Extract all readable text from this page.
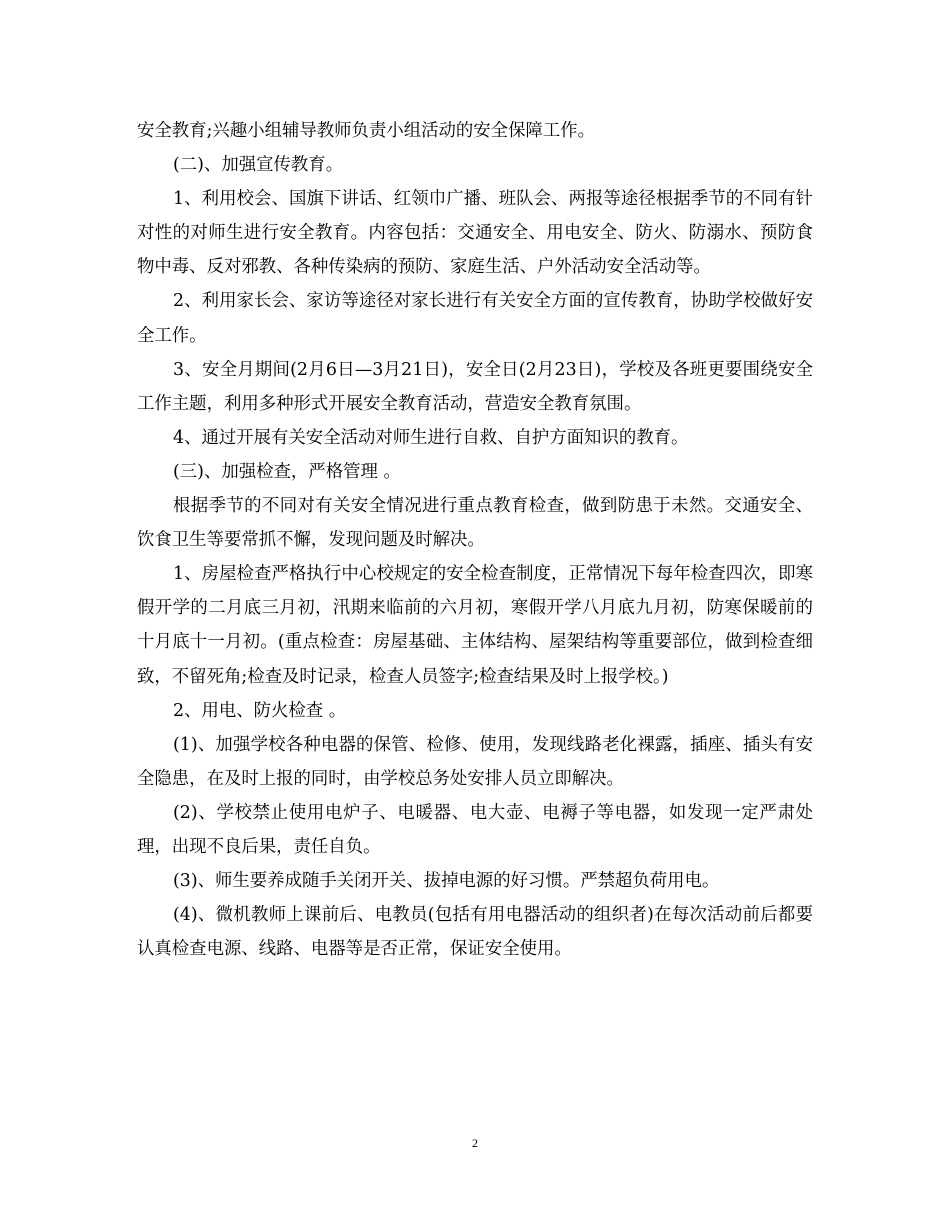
安全教育;兴趣小组辅导教师负责小组活动的安全保障工作。

(二)、加强宣传教育。

1、利用校会、国旗下讲话、红领巾广播、班队会、两报等途径根据季节的不同有针对性的对师生进行安全教育。内容包括：交通安全、用电安全、防火、防溺水、预防食物中毒、反对邪教、各种传染病的预防、家庭生活、户外活动安全活动等。

2、利用家长会、家访等途径对家长进行有关安全方面的宣传教育，协助学校做好安全工作。

3、安全月期间(2月6日—3月21日)，安全日(2月23日)，学校及各班更要围绕安全工作主题，利用多种形式开展安全教育活动，营造安全教育氛围。

4、通过开展有关安全活动对师生进行自救、自护方面知识的教育。

(三)、加强检查，严格管理 。

根据季节的不同对有关安全情况进行重点教育检查，做到防患于未然。交通安全、饮食卫生等要常抓不懈，发现问题及时解决。

1、房屋检查严格执行中心校规定的安全检查制度，正常情况下每年检查四次，即寒假开学的二月底三月初，汛期来临前的六月初，寒假开学八月底九月初，防寒保暖前的十月底十一月初。(重点检查：房屋基础、主体结构、屋架结构等重要部位，做到检查细致，不留死角;检查及时记录，检查人员签字;检查结果及时上报学校。)

2、用电、防火检查 。

(1)、加强学校各种电器的保管、检修、使用，发现线路老化裸露，插座、插头有安全隐患，在及时上报的同时，由学校总务处安排人员立即解决。

(2)、学校禁止使用电炉子、电暖器、电大壶、电褥子等电器，如发现一定严肃处理，出现不良后果，责任自负。

(3)、师生要养成随手关闭开关、拔掉电源的好习惯。严禁超负荷用电。

(4)、微机教师上课前后、电教员(包括有用电器活动的组织者)在每次活动前后都要认真检查电源、线路、电器等是否正常，保证安全使用。

2
